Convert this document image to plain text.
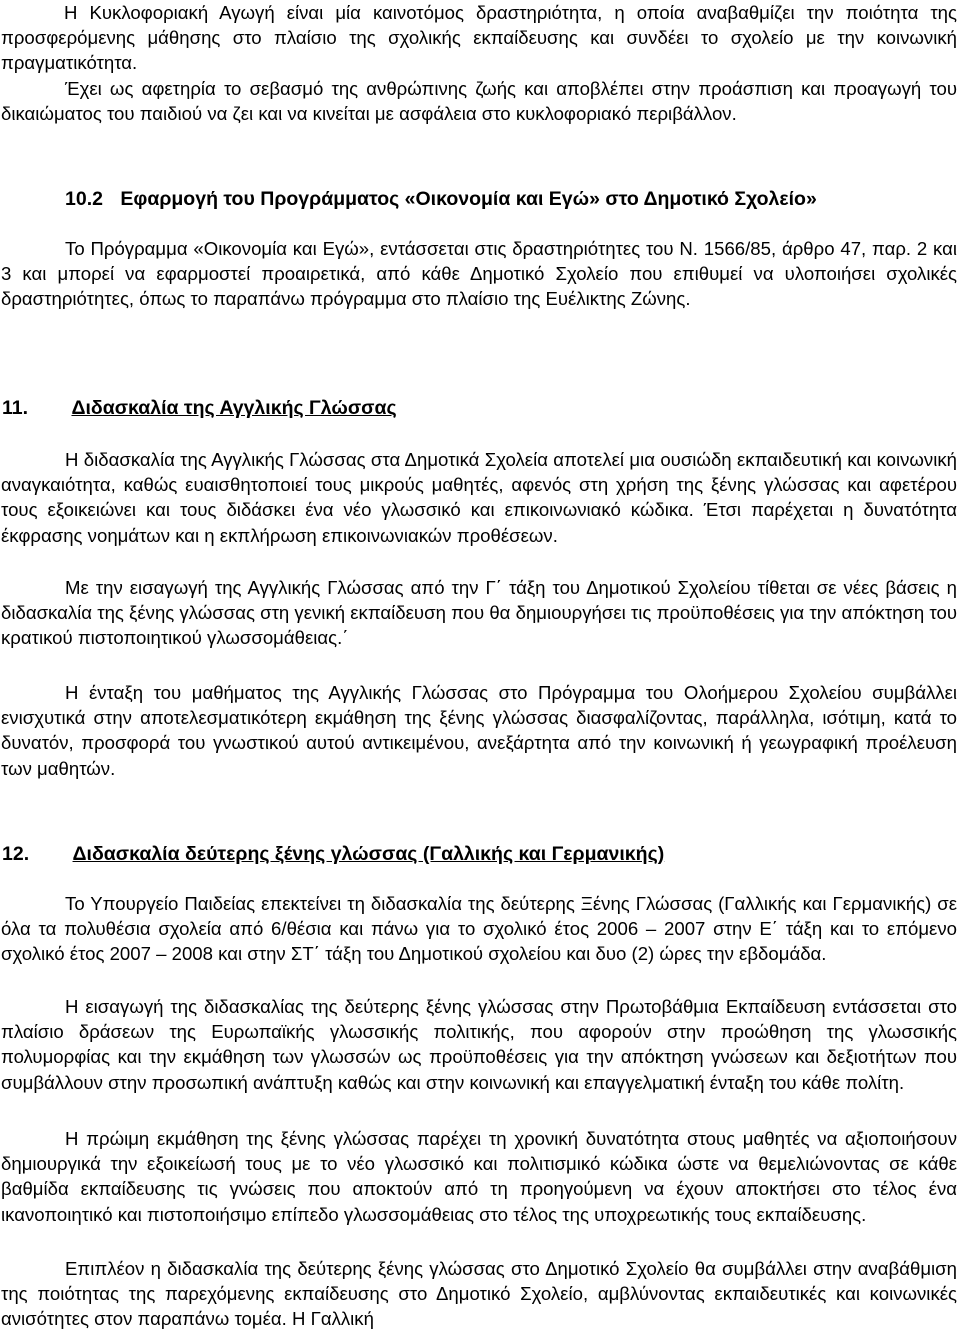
Η Κυκλοφοριακή Αγωγή είναι μία καινοτόμος δραστηριότητα, η οποία αναβαθμίζει την ποιότητα της προσφερόμενης μάθησης στο πλαίσιο της σχολικής εκπαίδευσης και συνδέει το σχολείο με την κοινωνική πραγματικότητα.
Έχει ως αφετηρία το σεβασμό της ανθρώπινης ζωής και αποβλέπει στην προάσπιση και προαγωγή του δικαιώματος του παιδιού να ζει και να κινείται με ασφάλεια στο κυκλοφοριακό περιβάλλον.
10.2 Εφαρμογή του Προγράμματος «Οικονομία και Εγώ» στο Δημοτικό Σχολείο»
Το Πρόγραμμα «Οικονομία και Εγώ», εντάσσεται στις δραστηριότητες του Ν. 1566/85, άρθρο 47, παρ. 2 και 3 και μπορεί να εφαρμοστεί προαιρετικά, από κάθε Δημοτικό Σχολείο που επιθυμεί να υλοποιήσει σχολικές δραστηριότητες, όπως το παραπάνω πρόγραμμα στο πλαίσιο της Ευέλικτης Ζώνης.
11. Διδασκαλία της Αγγλικής Γλώσσας
Η διδασκαλία της Αγγλικής Γλώσσας στα Δημοτικά Σχολεία αποτελεί μια ουσιώδη εκπαιδευτική και κοινωνική αναγκαιότητα, καθώς ευαισθητοποιεί τους μικρούς μαθητές, αφενός στη χρήση της ξένης γλώσσας και αφετέρου τους εξοικειώνει και τους διδάσκει ένα νέο γλωσσικό και επικοινωνιακό κώδικα. Έτσι παρέχεται η δυνατότητα έκφρασης νοημάτων και η εκπλήρωση επικοινωνιακών προθέσεων.
Με την εισαγωγή της Αγγλικής Γλώσσας από την Γ΄ τάξη του Δημοτικού Σχολείου τίθεται σε νέες βάσεις η διδασκαλία της ξένης γλώσσας στη γενική εκπαίδευση που θα δημιουργήσει τις προϋποθέσεις για την απόκτηση του κρατικού πιστοποιητικού γλωσσομάθειας.΄
Η ένταξη του μαθήματος της Αγγλικής Γλώσσας στο Πρόγραμμα του Ολοήμερου Σχολείου συμβάλλει ενισχυτικά στην αποτελεσματικότερη εκμάθηση της ξένης γλώσσας διασφαλίζοντας, παράλληλα, ισότιμη, κατά το δυνατόν, προσφορά του γνωστικού αυτού αντικειμένου, ανεξάρτητα από την κοινωνική ή γεωγραφική προέλευση των μαθητών.
12. Διδασκαλία δεύτερης ξένης γλώσσας (Γαλλικής και Γερμανικής)
Το Υπουργείο Παιδείας επεκτείνει τη διδασκαλία της δεύτερης Ξένης Γλώσσας (Γαλλικής και Γερμανικής) σε όλα τα πολυθέσια σχολεία από 6/θέσια και πάνω για το σχολικό έτος 2006 – 2007 στην Ε΄ τάξη και το επόμενο σχολικό έτος 2007 – 2008 και στην ΣΤ΄ τάξη του Δημοτικού σχολείου και δυο (2) ώρες την εβδομάδα.
Η εισαγωγή της διδασκαλίας της δεύτερης ξένης γλώσσας στην Πρωτοβάθμια Εκπαίδευση εντάσσεται στο πλαίσιο δράσεων της Ευρωπαϊκής γλωσσικής πολιτικής, που αφορούν στην προώθηση της γλωσσικής πολυμορφίας και την εκμάθηση των γλωσσών ως προϋποθέσεις για την απόκτηση γνώσεων και δεξιοτήτων που συμβάλλουν στην προσωπική ανάπτυξη καθώς και στην κοινωνική και επαγγελματική ένταξη του κάθε πολίτη.
Η πρώιμη εκμάθηση της ξένης γλώσσας παρέχει τη χρονική δυνατότητα στους μαθητές να αξιοποιήσουν δημιουργικά την εξοικείωσή τους με το νέο γλωσσικό και πολιτισμικό κώδικα ώστε να θεμελιώνοντας σε κάθε βαθμίδα εκπαίδευσης τις γνώσεις που αποκτούν από τη προηγούμενη να έχουν αποκτήσει στο τέλος ένα ικανοποιητικό και πιστοποιήσιμο επίπεδο γλωσσομάθειας στο τέλος της υποχρεωτικής τους εκπαίδευσης.
Επιπλέον η διδασκαλία της δεύτερης ξένης γλώσσας στο Δημοτικό Σχολείο θα συμβάλλει στην αναβάθμιση της ποιότητας της παρεχόμενης εκπαίδευσης στο Δημοτικό Σχολείο, αμβλύνοντας εκπαιδευτικές και κοινωνικές ανισότητες στον παραπάνω τομέα. Η Γαλλική
